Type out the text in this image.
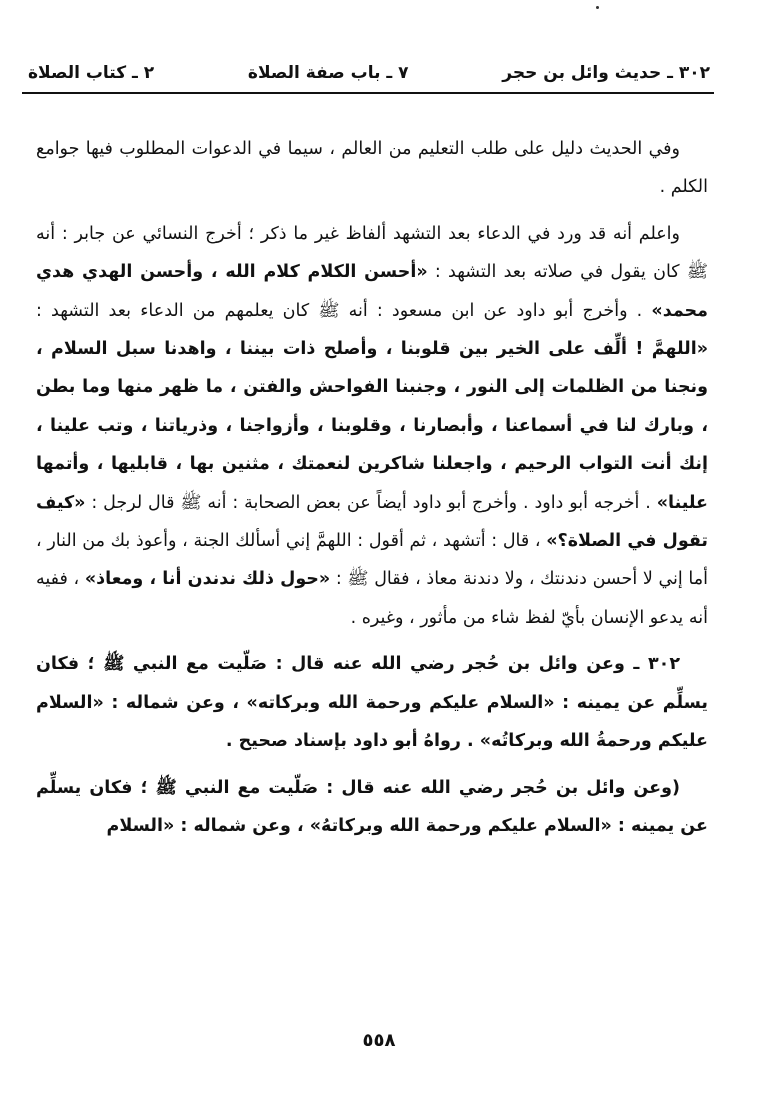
٢ ـ كتاب الصلاة	٧ ـ باب صفة الصلاة	٣٠٢ ـ حديث وائل بن حجر

وفي الحديث دليل على طلب التعليم من العالم ، سيما في الدعوات المطلوب فيها جوامع الكلم .

واعلم أنه قد ورد في الدعاء بعد التشهد ألفاظ غير ما ذكر ؛ أخرج النسائي عن جابر : أنه ﷺ كان يقول في صلاته بعد التشهد : «أحسن الكلام كلام الله ، وأحسن الهدي هدي محمد» . وأخرج أبو داود عن ابن مسعود : أنه ﷺ كان يعلمهم من الدعاء بعد التشهد : «اللهمَّ ! ألِّف على الخير بين قلوبنا ، وأصلح ذات بيننا ، واهدنا سبل السلام ، ونجنا من الظلمات إلى النور ، وجنبنا الفواحش والفتن ، ما ظهر منها وما بطن ، وبارك لنا في أسماعنا ، وأبصارنا ، وقلوبنا ، وأزواجنا ، وذرياتنا ، وتب علينا ، إنك أنت التواب الرحيم ، واجعلنا شاكرين لنعمتك ، مثنين بها ، قابليها ، وأتمها علينا» . أخرجه أبو داود . وأخرج أبو داود أيضاً عن بعض الصحابة : أنه ﷺ قال لرجل : «كيف تقول في الصلاة؟» ، قال : أتشهد ، ثم أقول : اللهمَّ إني أسألك الجنة ، وأعوذ بك من النار ، أما إني لا أحسن دندنتك ، ولا دندنة معاذ ، فقال ﷺ : «حول ذلك ندندن أنا ، ومعاذ» ، ففيه أنه يدعو الإنسان بأيّ لفظ شاء من مأثور ، وغيره .

٣٠٢ ـ وعن وائل بن حُجر رضي الله عنه قال : صَلّيت مع النبي ﷺ ؛ فكان يسلِّم عن يمينه : «السلام عليكم ورحمة الله وبركاته» ، وعن شماله : «السلام عليكم ورحمةُ الله وبركاتُه» . رواهُ أبو داود بإسناد صحيح .

(وعن وائل بن حُجر رضي الله عنه قال : صَلّيت مع النبي ﷺ ؛ فكان يسلِّم عن يمينه : «السلام عليكم ورحمة الله وبركاتهُ» ، وعن شماله : «السلام

٥٥٨
